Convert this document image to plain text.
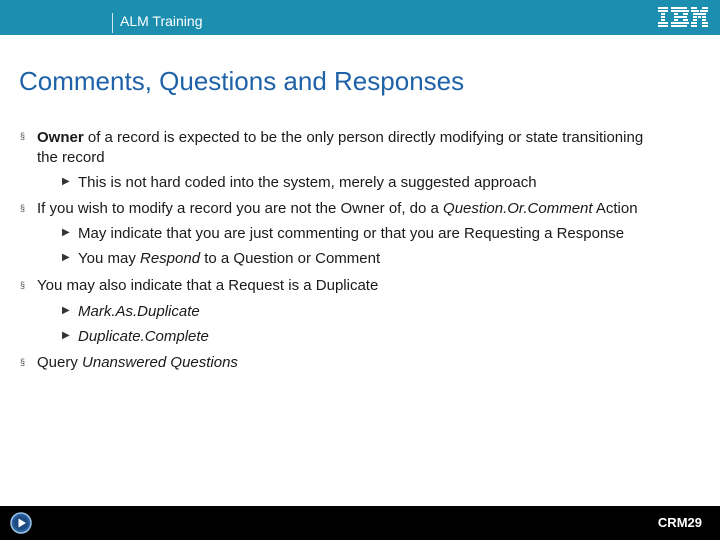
ALM Training
Comments, Questions and Responses
§ Owner of a record is expected to be the only person directly modifying or state transitioning
the record
▶ This is not hard coded into the system, merely a suggested approach
§ If you wish to modify a record you are not the Owner of, do a Question.Or.Comment Action
▶ May indicate that you are just commenting or that you are Requesting a Response
▶ You may Respond to a Question or Comment
§ You may also indicate that a Request is a Duplicate
▶ Mark.As.Duplicate
▶ Duplicate.Complete
§ Query Unanswered Questions
CRM29
